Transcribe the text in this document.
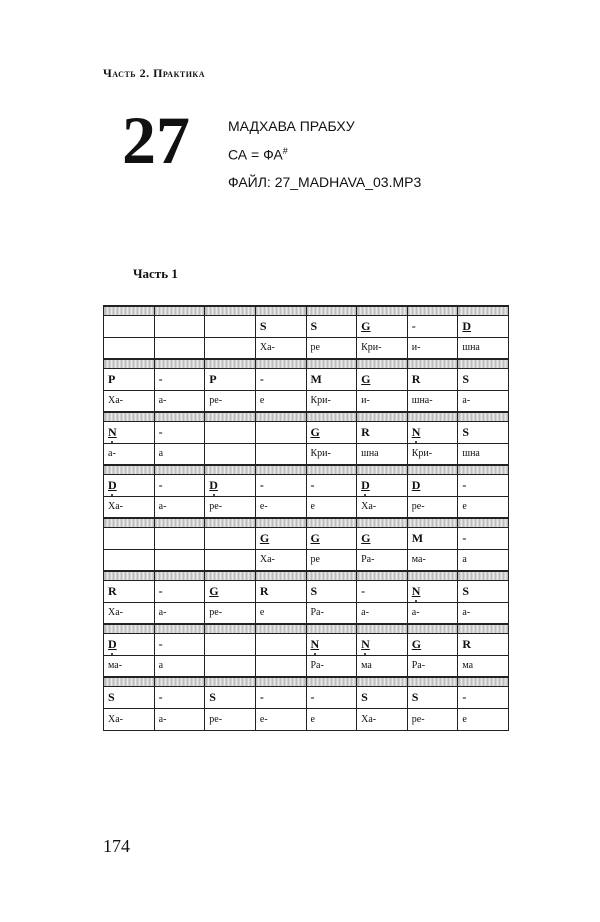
Часть 2. Практика
27	МАДХАВА ПРАБХУ
СА = ФА#
ФАЙЛ: 27_MADHAVA_03.MP3
Часть 1

			S	S	G	-	D
			Ха-	ре	Кри-	и-	шна

P	-	P	-	M	G	R	S
Ха-	а-	ре-	е	Кри-	и-	шна-	а-

N	-			G	R	N	S
а-	а			Кри-	шна	Кри-	шна

D	-	D	-	-	D	D	-
Ха-	а-	ре-	е-	е	Ха-	ре-	е

			G	G	G	M	-
			Ха-	ре	Ра-	ма-	а

R	-	G	R	S	-	N	S
Ха-	а-	ре-	е	Ра-	а-	а-	а-

D	-			N	N	G	R
ма-	а			Ра-	ма	Ра-	ма

S	-	S	-	-	S	S	-
Ха-	а-	ре-	е-	е	Ха-	ре-	е
174
